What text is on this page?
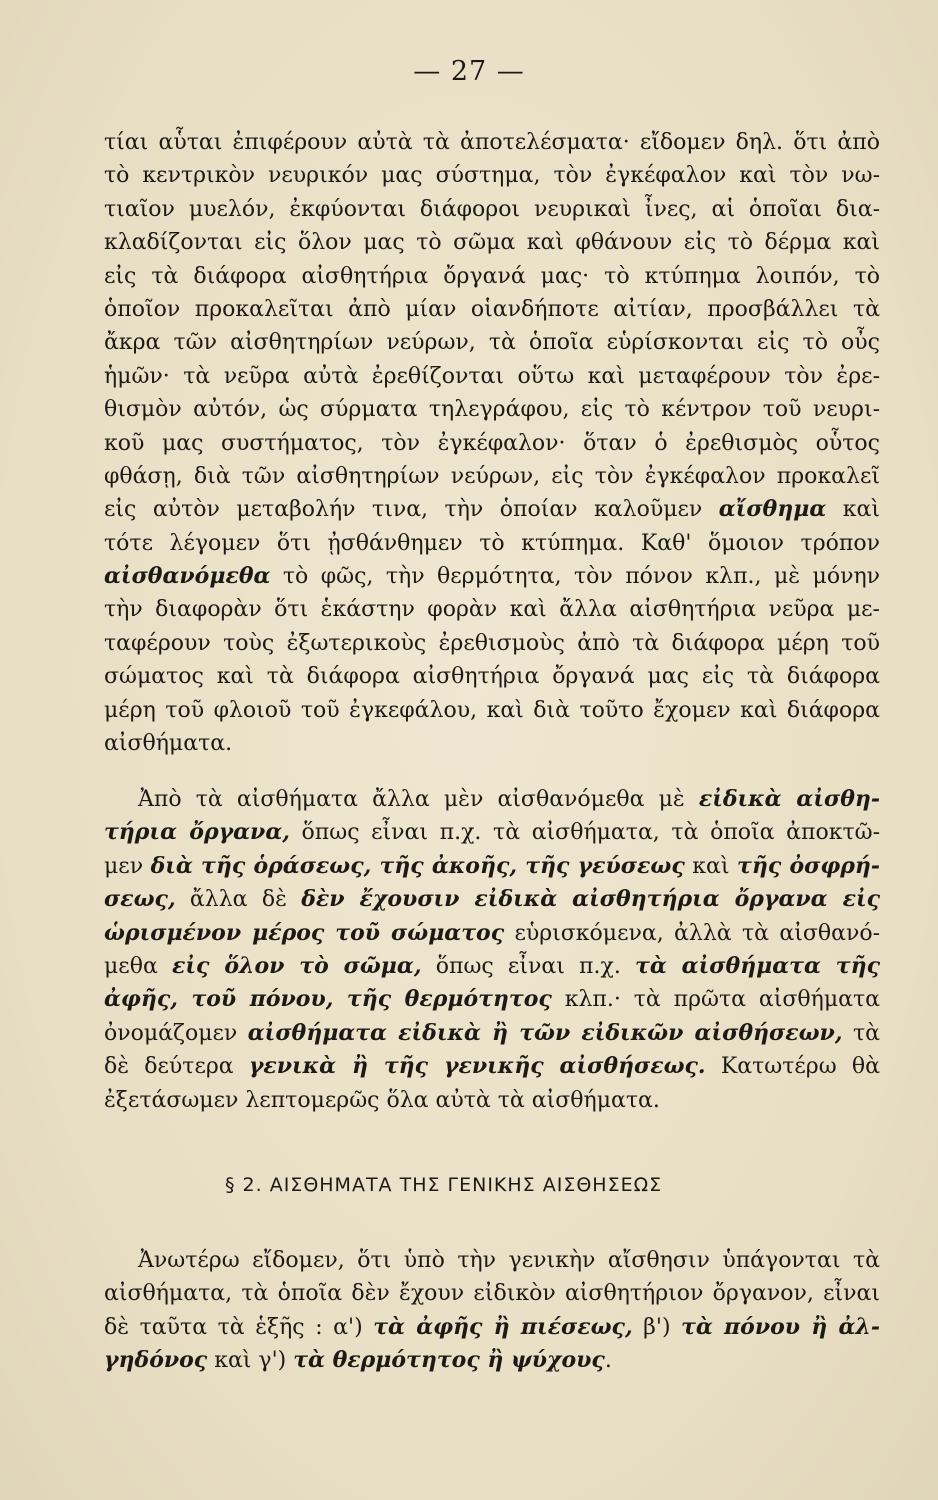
— 27 —
τίαι αὗται ἐπιφέρουν αὐτὰ τὰ ἀποτελέσματα· εἴδομεν δηλ. ὅτι ἀπὸ
τὸ κεντρικὸν νευρικόν μας σύστημα, τὸν ἐγκέφαλον καὶ τὸν νω-
τιαῖον μυελόν, ἐκφύονται διάφοροι νευρικαὶ ἶνες, αἱ ὁποῖαι δια-
κλαδίζονται εἰς ὅλον μας τὸ σῶμα καὶ φθάνουν εἰς τὸ δέρμα καὶ
εἰς τὰ διάφορα αἰσθητήρια ὄργανά μας· τὸ κτύπημα λοιπόν, τὸ
ὁποῖον προκαλεῖται ἀπὸ μίαν οἱανδήποτε αἰτίαν, προσβάλλει τὰ
ἄκρα τῶν αἰσθητηρίων νεύρων, τὰ ὁποῖα εὑρίσκονται εἰς τὸ οὖς
ἡμῶν· τὰ νεῦρα αὐτὰ ἐρεθίζονται οὕτω καὶ μεταφέρουν τὸν ἐρε-
θισμὸν αὐτόν, ὡς σύρματα τηλεγράφου, εἰς τὸ κέντρον τοῦ νευρι-
κοῦ μας συστήματος, τὸν ἐγκέφαλον· ὅταν ὁ ἐρεθισμὸς οὗτος
φθάσῃ, διὰ τῶν αἰσθητηρίων νεύρων, εἰς τὸν ἐγκέφαλον προκαλεῖ
εἰς αὐτὸν μεταβολήν τινα, τὴν ὁποίαν καλοῦμεν αἴσθημα καὶ
τότε λέγομεν ὅτι ᾐσθάνθημεν τὸ κτύπημα. Καθ' ὅμοιον τρόπον
αἰσθανόμεθα τὸ φῶς, τὴν θερμότητα, τὸν πόνον κλπ., μὲ μόνην
τὴν διαφορὰν ὅτι ἑκάστην φορὰν καὶ ἄλλα αἰσθητήρια νεῦρα με-
ταφέρουν τοὺς ἐξωτερικοὺς ἐρεθισμοὺς ἀπὸ τὰ διάφορα μέρη τοῦ
σώματος καὶ τὰ διάφορα αἰσθητήρια ὄργανά μας εἰς τὰ διάφορα
μέρη τοῦ φλοιοῦ τοῦ ἐγκεφάλου, καὶ διὰ τοῦτο ἔχομεν καὶ διάφορα
αἰσθήματα.
Ἀπὸ τὰ αἰσθήματα ἄλλα μὲν αἰσθανόμεθα μὲ εἰδικὰ αἰσθη-
τήρια ὄργανα, ὅπως εἶναι π.χ. τὰ αἰσθήματα, τὰ ὁποῖα ἀποκτῶ-
μεν διὰ τῆς ὁράσεως, τῆς ἀκοῆς, τῆς γεύσεως καὶ τῆς ὀσφρή-
σεως, ἄλλα δὲ δὲν ἔχουσιν εἰδικὰ αἰσθητήρια ὄργανα εἰς
ὡρισμένον μέρος τοῦ σώματος εὑρισκόμενα, ἀλλὰ τὰ αἰσθανό-
μεθα εἰς ὅλον τὸ σῶμα, ὅπως εἶναι π.χ. τὰ αἰσθήματα τῆς
ἀφῆς, τοῦ πόνου, τῆς θερμότητος κλπ.· τὰ πρῶτα αἰσθήματα
ὀνομάζομεν αἰσθήματα εἰδικὰ ἢ τῶν εἰδικῶν αἰσθήσεων, τὰ
δὲ δεύτερα γενικὰ ἢ τῆς γενικῆς αἰσθήσεως. Κατωτέρω θὰ
ἐξετάσωμεν λεπτομερῶς ὅλα αὐτὰ τὰ αἰσθήματα.
§ 2. ΑΙΣΘΗΜΑΤΑ ΤΗΣ ΓΕΝΙΚΗΣ ΑΙΣΘΗΣΕΩΣ
Ἀνωτέρω εἴδομεν, ὅτι ὑπὸ τὴν γενικὴν αἴσθησιν ὑπάγονται τὰ
αἰσθήματα, τὰ ὁποῖα δὲν ἔχουν εἰδικὸν αἰσθητήριον ὄργανον, εἶναι
δὲ ταῦτα τὰ ἑξῆς : α') τὰ ἀφῆς ἢ πιέσεως, β') τὰ πόνου ἢ ἀλ-
γηδόνος καὶ γ') τὰ θερμότητος ἢ ψύχους.
